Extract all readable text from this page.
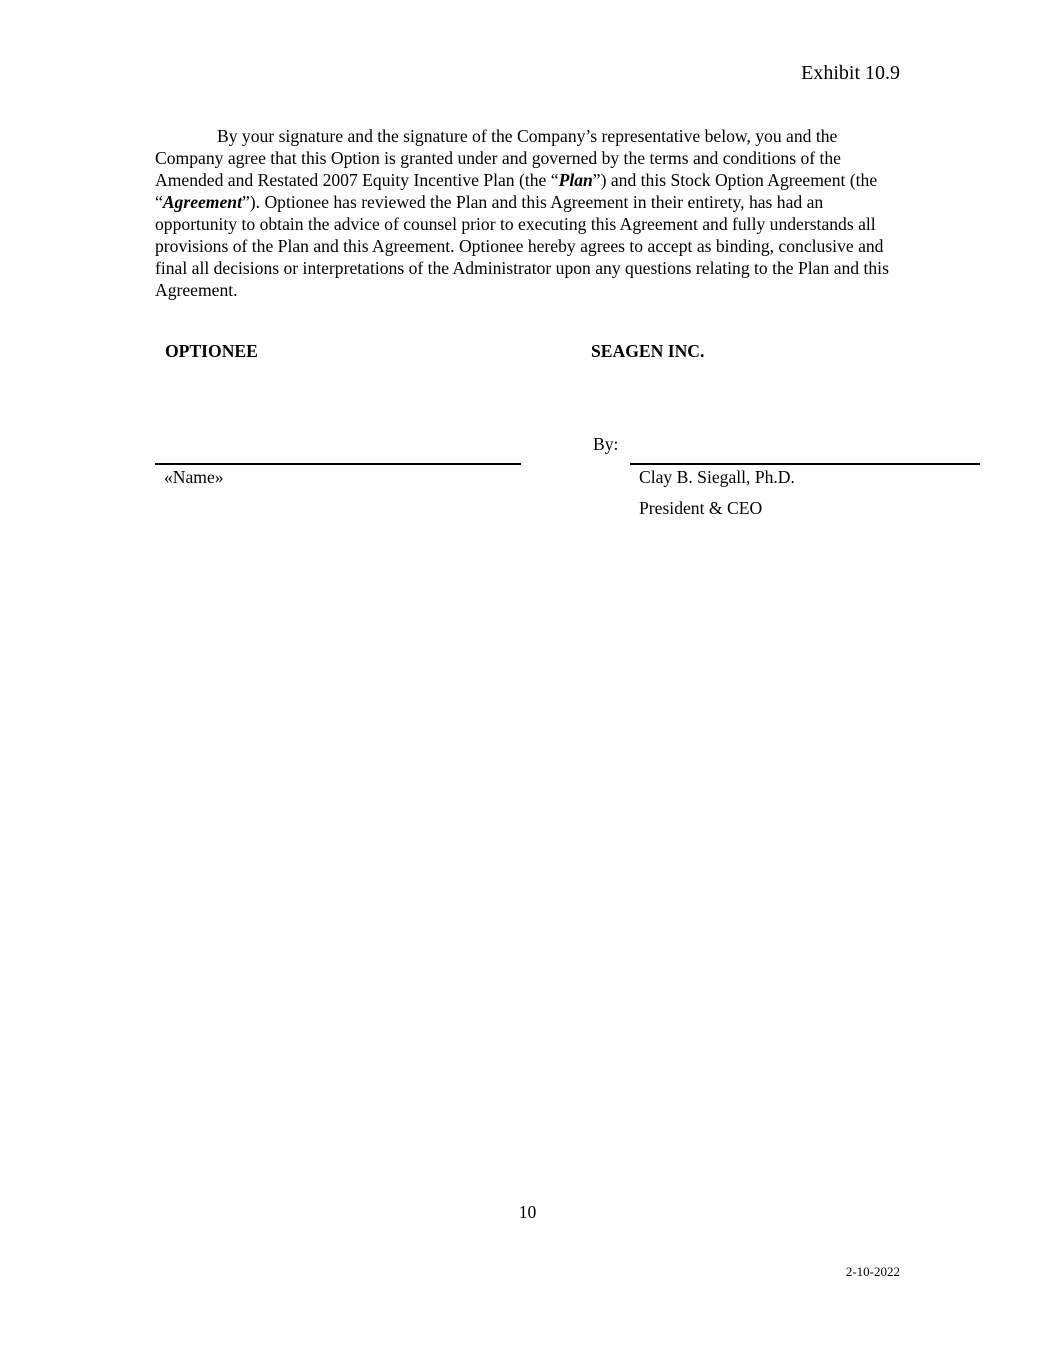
Exhibit 10.9

By your signature and the signature of the Company’s representative below, you and the Company agree that this Option is granted under and governed by the terms and conditions of the Amended and Restated 2007 Equity Incentive Plan (the “Plan”) and this Stock Option Agreement (the “Agreement”). Optionee has reviewed the Plan and this Agreement in their entirety, has had an opportunity to obtain the advice of counsel prior to executing this Agreement and fully understands all provisions of the Plan and this Agreement. Optionee hereby agrees to accept as binding, conclusive and final all decisions or interpretations of the Administrator upon any questions relating to the Plan and this Agreement.

OPTIONEE	SEAGEN INC.
By:
«Name»	Clay B. Siegall, Ph.D.
President & CEO
10
2-10-2022
